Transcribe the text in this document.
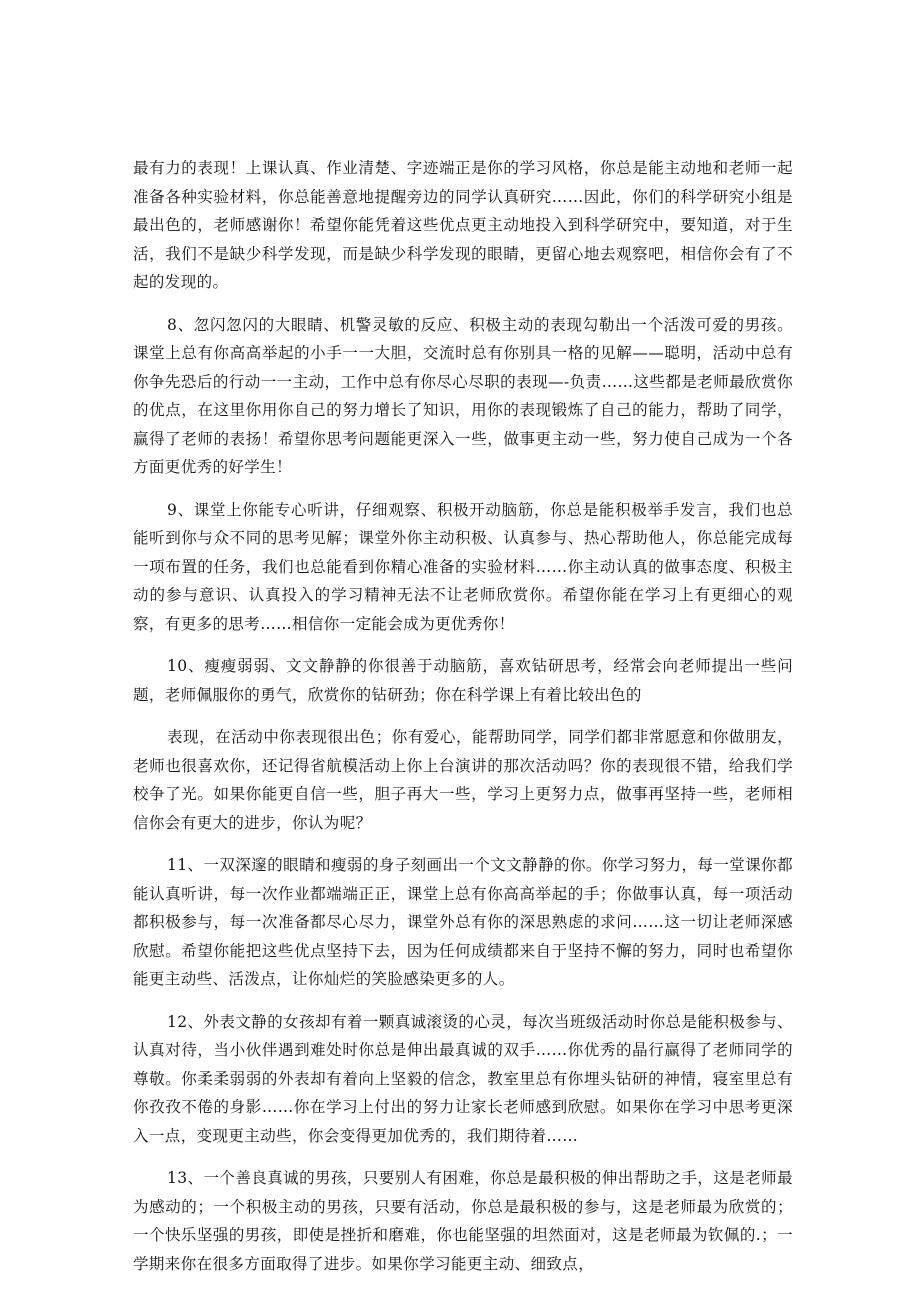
最有力的表现！上课认真、作业清楚、字迹端正是你的学习风格，你总是能主动地和老师一起准备各种实验材料，你总能善意地提醒旁边的同学认真研究……因此，你们的科学研究小组是最出色的，老师感谢你！希望你能凭着这些优点更主动地投入到科学研究中，要知道，对于生活，我们不是缺少科学发现，而是缺少科学发现的眼睛，更留心地去观察吧，相信你会有了不起的发现的。

8、忽闪忽闪的大眼睛、机警灵敏的反应、积极主动的表现勾勒出一个活泼可爱的男孩。课堂上总有你高高举起的小手一一大胆，交流时总有你别具一格的见解——聪明，活动中总有你争先恐后的行动一一主动，工作中总有你尽心尽职的表现—-负责……这些都是老师最欣赏你的优点，在这里你用你自己的努力增长了知识，用你的表现锻炼了自己的能力，帮助了同学，赢得了老师的表扬！希望你思考问题能更深入一些，做事更主动一些，努力使自己成为一个各方面更优秀的好学生！

9、课堂上你能专心听讲，仔细观察、积极开动脑筋，你总是能积极举手发言，我们也总能听到你与众不同的思考见解；课堂外你主动积极、认真参与、热心帮助他人，你总能完成每一项布置的任务，我们也总能看到你精心准备的实验材料……你主动认真的做事态度、积极主动的参与意识、认真投入的学习精神无法不让老师欣赏你。希望你能在学习上有更细心的观察，有更多的思考……相信你一定能会成为更优秀你！

10、瘦瘦弱弱、文文静静的你很善于动脑筋，喜欢钻研思考，经常会向老师提出一些问题，老师佩服你的勇气，欣赏你的钻研劲；你在科学课上有着比较出色的

表现，在活动中你表现很出色；你有爱心，能帮助同学，同学们都非常愿意和你做朋友，老师也很喜欢你，还记得省航模活动上你上台演讲的那次活动吗？你的表现很不错，给我们学校争了光。如果你能更自信一些，胆子再大一些，学习上更努力点，做事再坚持一些，老师相信你会有更大的进步，你认为呢？

11、一双深邃的眼睛和瘦弱的身子刻画出一个文文静静的你。你学习努力，每一堂课你都能认真听讲，每一次作业都端端正正，课堂上总有你高高举起的手；你做事认真，每一项活动都积极参与，每一次准备都尽心尽力，课堂外总有你的深思熟虑的求问……这一切让老师深感欣慰。希望你能把这些优点坚持下去，因为任何成绩都来自于坚持不懈的努力，同时也希望你能更主动些、活泼点，让你灿烂的笑脸感染更多的人。

12、外表文静的女孩却有着一颗真诚滚烫的心灵，每次当班级活动时你总是能积极参与、认真对待，当小伙伴遇到难处时你总是伸出最真诚的双手……你优秀的晶行赢得了老师同学的尊敬。你柔柔弱弱的外表却有着向上坚毅的信念，教室里总有你埋头钻研的神情，寝室里总有你孜孜不倦的身影……你在学习上付出的努力让家长老师感到欣慰。如果你在学习中思考更深入一点，变现更主动些，你会变得更加优秀的，我们期待着……

13、一个善良真诚的男孩，只要别人有困难，你总是最积极的伸出帮助之手，这是老师最为感动的；一个积极主动的男孩，只要有活动，你总是最积极的参与，这是老师最为欣赏的；一个快乐坚强的男孩，即使是挫折和磨难，你也能坚强的坦然面对，这是老师最为钦佩的.；一学期来你在很多方面取得了进步。如果你学习能更主动、细致点，
